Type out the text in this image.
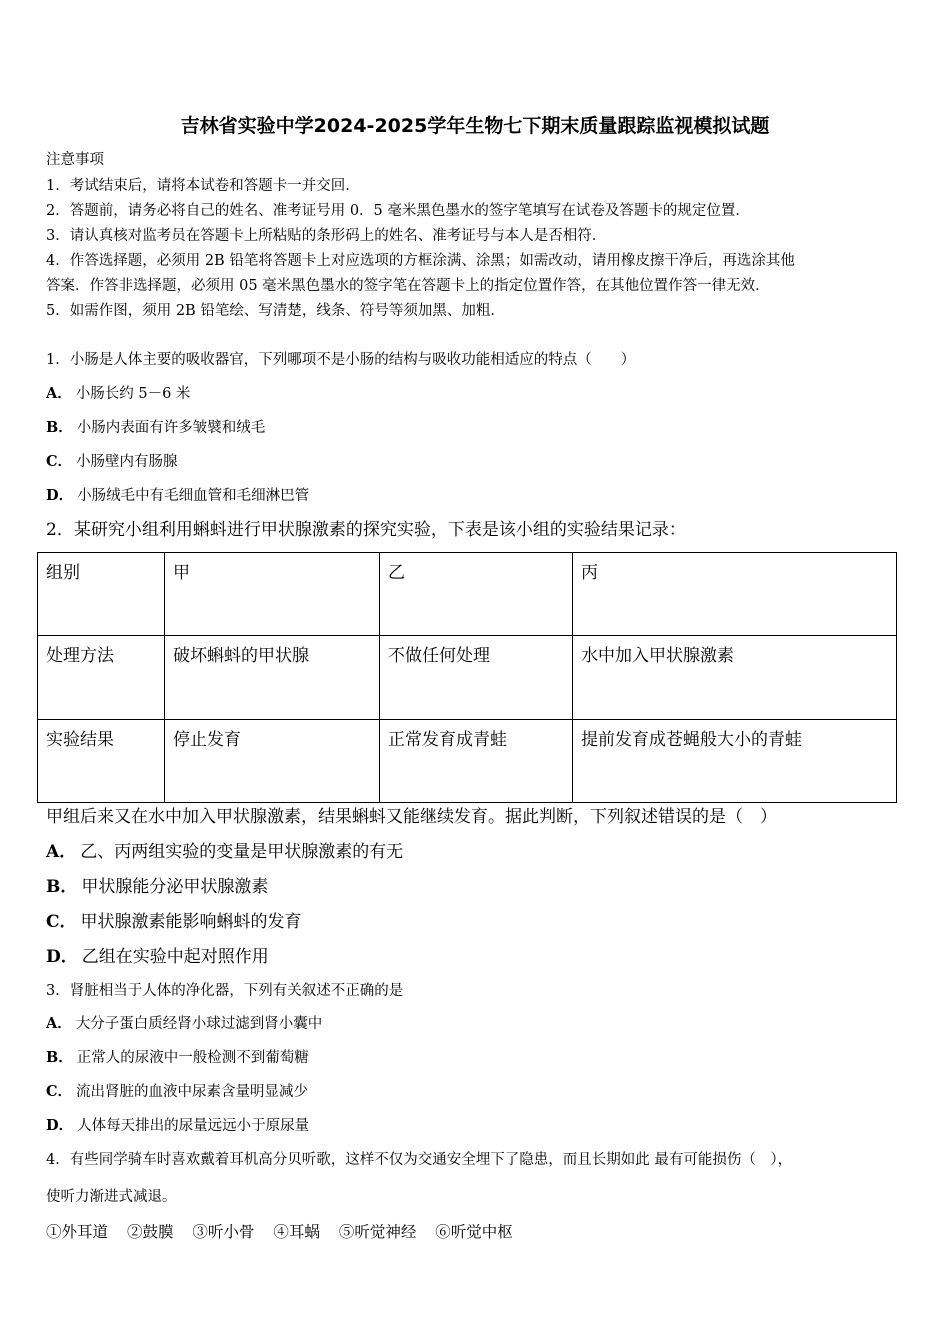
吉林省实验中学2024-2025学年生物七下期末质量跟踪监视模拟试题
注意事项
1．考试结束后，请将本试卷和答题卡一并交回．
2．答题前，请务必将自己的姓名、准考证号用 0．5 毫米黑色墨水的签字笔填写在试卷及答题卡的规定位置．
3．请认真核对监考员在答题卡上所粘贴的条形码上的姓名、准考证号与本人是否相符．
4．作答选择题，必须用 2B 铅笔将答题卡上对应选项的方框涂满、涂黑；如需改动，请用橡皮擦干净后，再选涂其他
答案．作答非选择题，必须用 05 毫米黑色墨水的签字笔在答题卡上的指定位置作答，在其他位置作答一律无效．
5．如需作图，须用 2B 铅笔绘、写清楚，线条、符号等须加黑、加粗．
1．小肠是人体主要的吸收器官，下列哪项不是小肠的结构与吸收功能相适应的特点（　　）
A． 小肠长约 5－6 米
B． 小肠内表面有许多皱襞和绒毛
C． 小肠壁内有肠腺
D． 小肠绒毛中有毛细血管和毛细淋巴管
2．某研究小组利用蝌蚪进行甲状腺激素的探究实验，下表是该小组的实验结果记录：
组别	甲	乙	丙
处理方法	破坏蝌蚪的甲状腺	不做任何处理	水中加入甲状腺激素
实验结果	停止发育	正常发育成青蛙	提前发育成苍蝇般大小的青蛙
甲组后来又在水中加入甲状腺激素，结果蝌蚪又能继续发育。据此判断，下列叙述错误的是（　）
A． 乙、丙两组实验的变量是甲状腺激素的有无
B． 甲状腺能分泌甲状腺激素
C． 甲状腺激素能影响蝌蚪的发育
D． 乙组在实验中起对照作用
3．肾脏相当于人体的净化器，下列有关叙述不正确的是
A． 大分子蛋白质经肾小球过滤到肾小囊中
B． 正常人的尿液中一般检测不到葡萄糖
C． 流出肾脏的血液中尿素含量明显减少
D． 人体每天排出的尿量远远小于原尿量
4．有些同学骑车时喜欢戴着耳机高分贝听歌，这样不仅为交通安全埋下了隐患，而且长期如此 最有可能损伤（　），
使听力渐进式减退。
①外耳道 ②鼓膜 ③听小骨 ④耳蜗 ⑤听觉神经 ⑥听觉中枢
